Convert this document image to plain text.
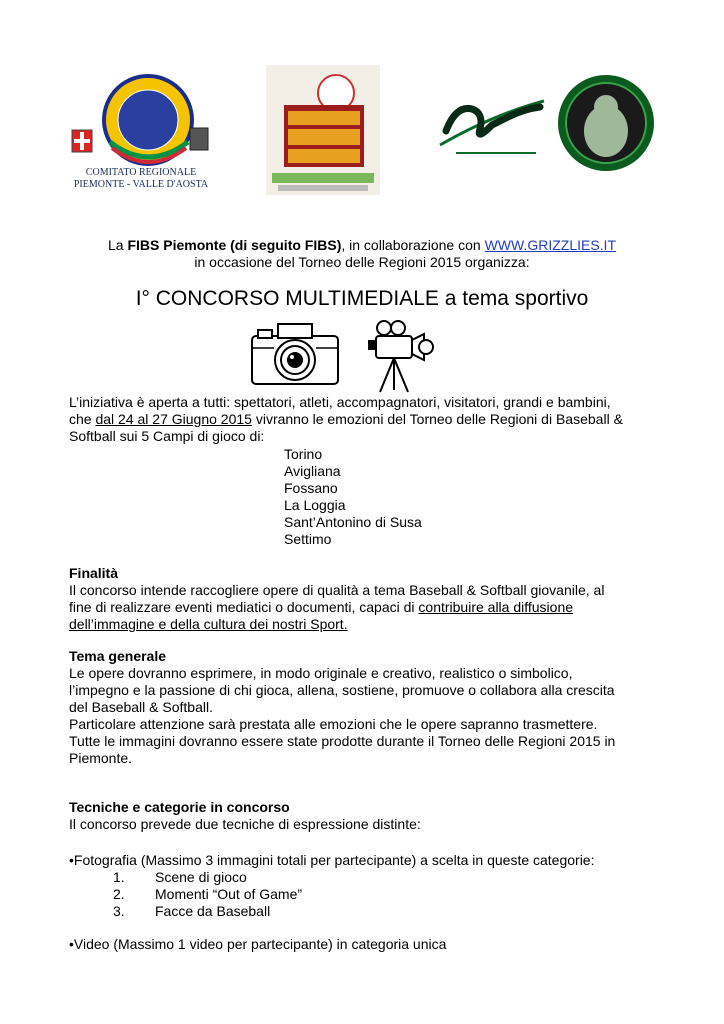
COMITATO REGIONALE
PIEMONTE - VALLE D'AOSTA
La FIBS Piemonte (di seguito FIBS), in collaborazione con WWW.GRIZZLIES.IT
in occasione del Torneo delle Regioni 2015 organizza:
I° CONCORSO MULTIMEDIALE a tema sportivo
L’iniziativa è aperta a tutti: spettatori, atleti, accompagnatori, visitatori, grandi e bambini,
che dal 24 al 27 Giugno 2015 vivranno le emozioni del Torneo delle Regioni di Baseball &
Softball sui 5 Campi di gioco di:
Torino
Avigliana
Fossano
La Loggia
Sant’Antonino di Susa
Settimo
Finalità
Il concorso intende raccogliere opere di qualità a tema Baseball & Softball giovanile, al
fine di realizzare eventi mediatici o documenti, capaci di contribuire alla diffusione
dell’immagine e della cultura dei nostri Sport.
Tema generale
Le opere dovranno esprimere, in modo originale e creativo, realistico o simbolico,
l’impegno e la passione di chi gioca, allena, sostiene, promuove o collabora alla crescita
del Baseball & Softball.
Particolare attenzione sarà prestata alle emozioni che le opere sapranno trasmettere.
Tutte le immagini dovranno essere state prodotte durante il Torneo delle Regioni 2015 in
Piemonte.
Tecniche e categorie in concorso
Il concorso prevede due tecniche di espressione distinte:
•Fotografia (Massimo 3 immagini totali per partecipante) a scelta in queste categorie:
1. Scene di gioco
2. Momenti “Out of Game”
3. Facce da Baseball
•Video (Massimo 1 video per partecipante) in categoria unica
